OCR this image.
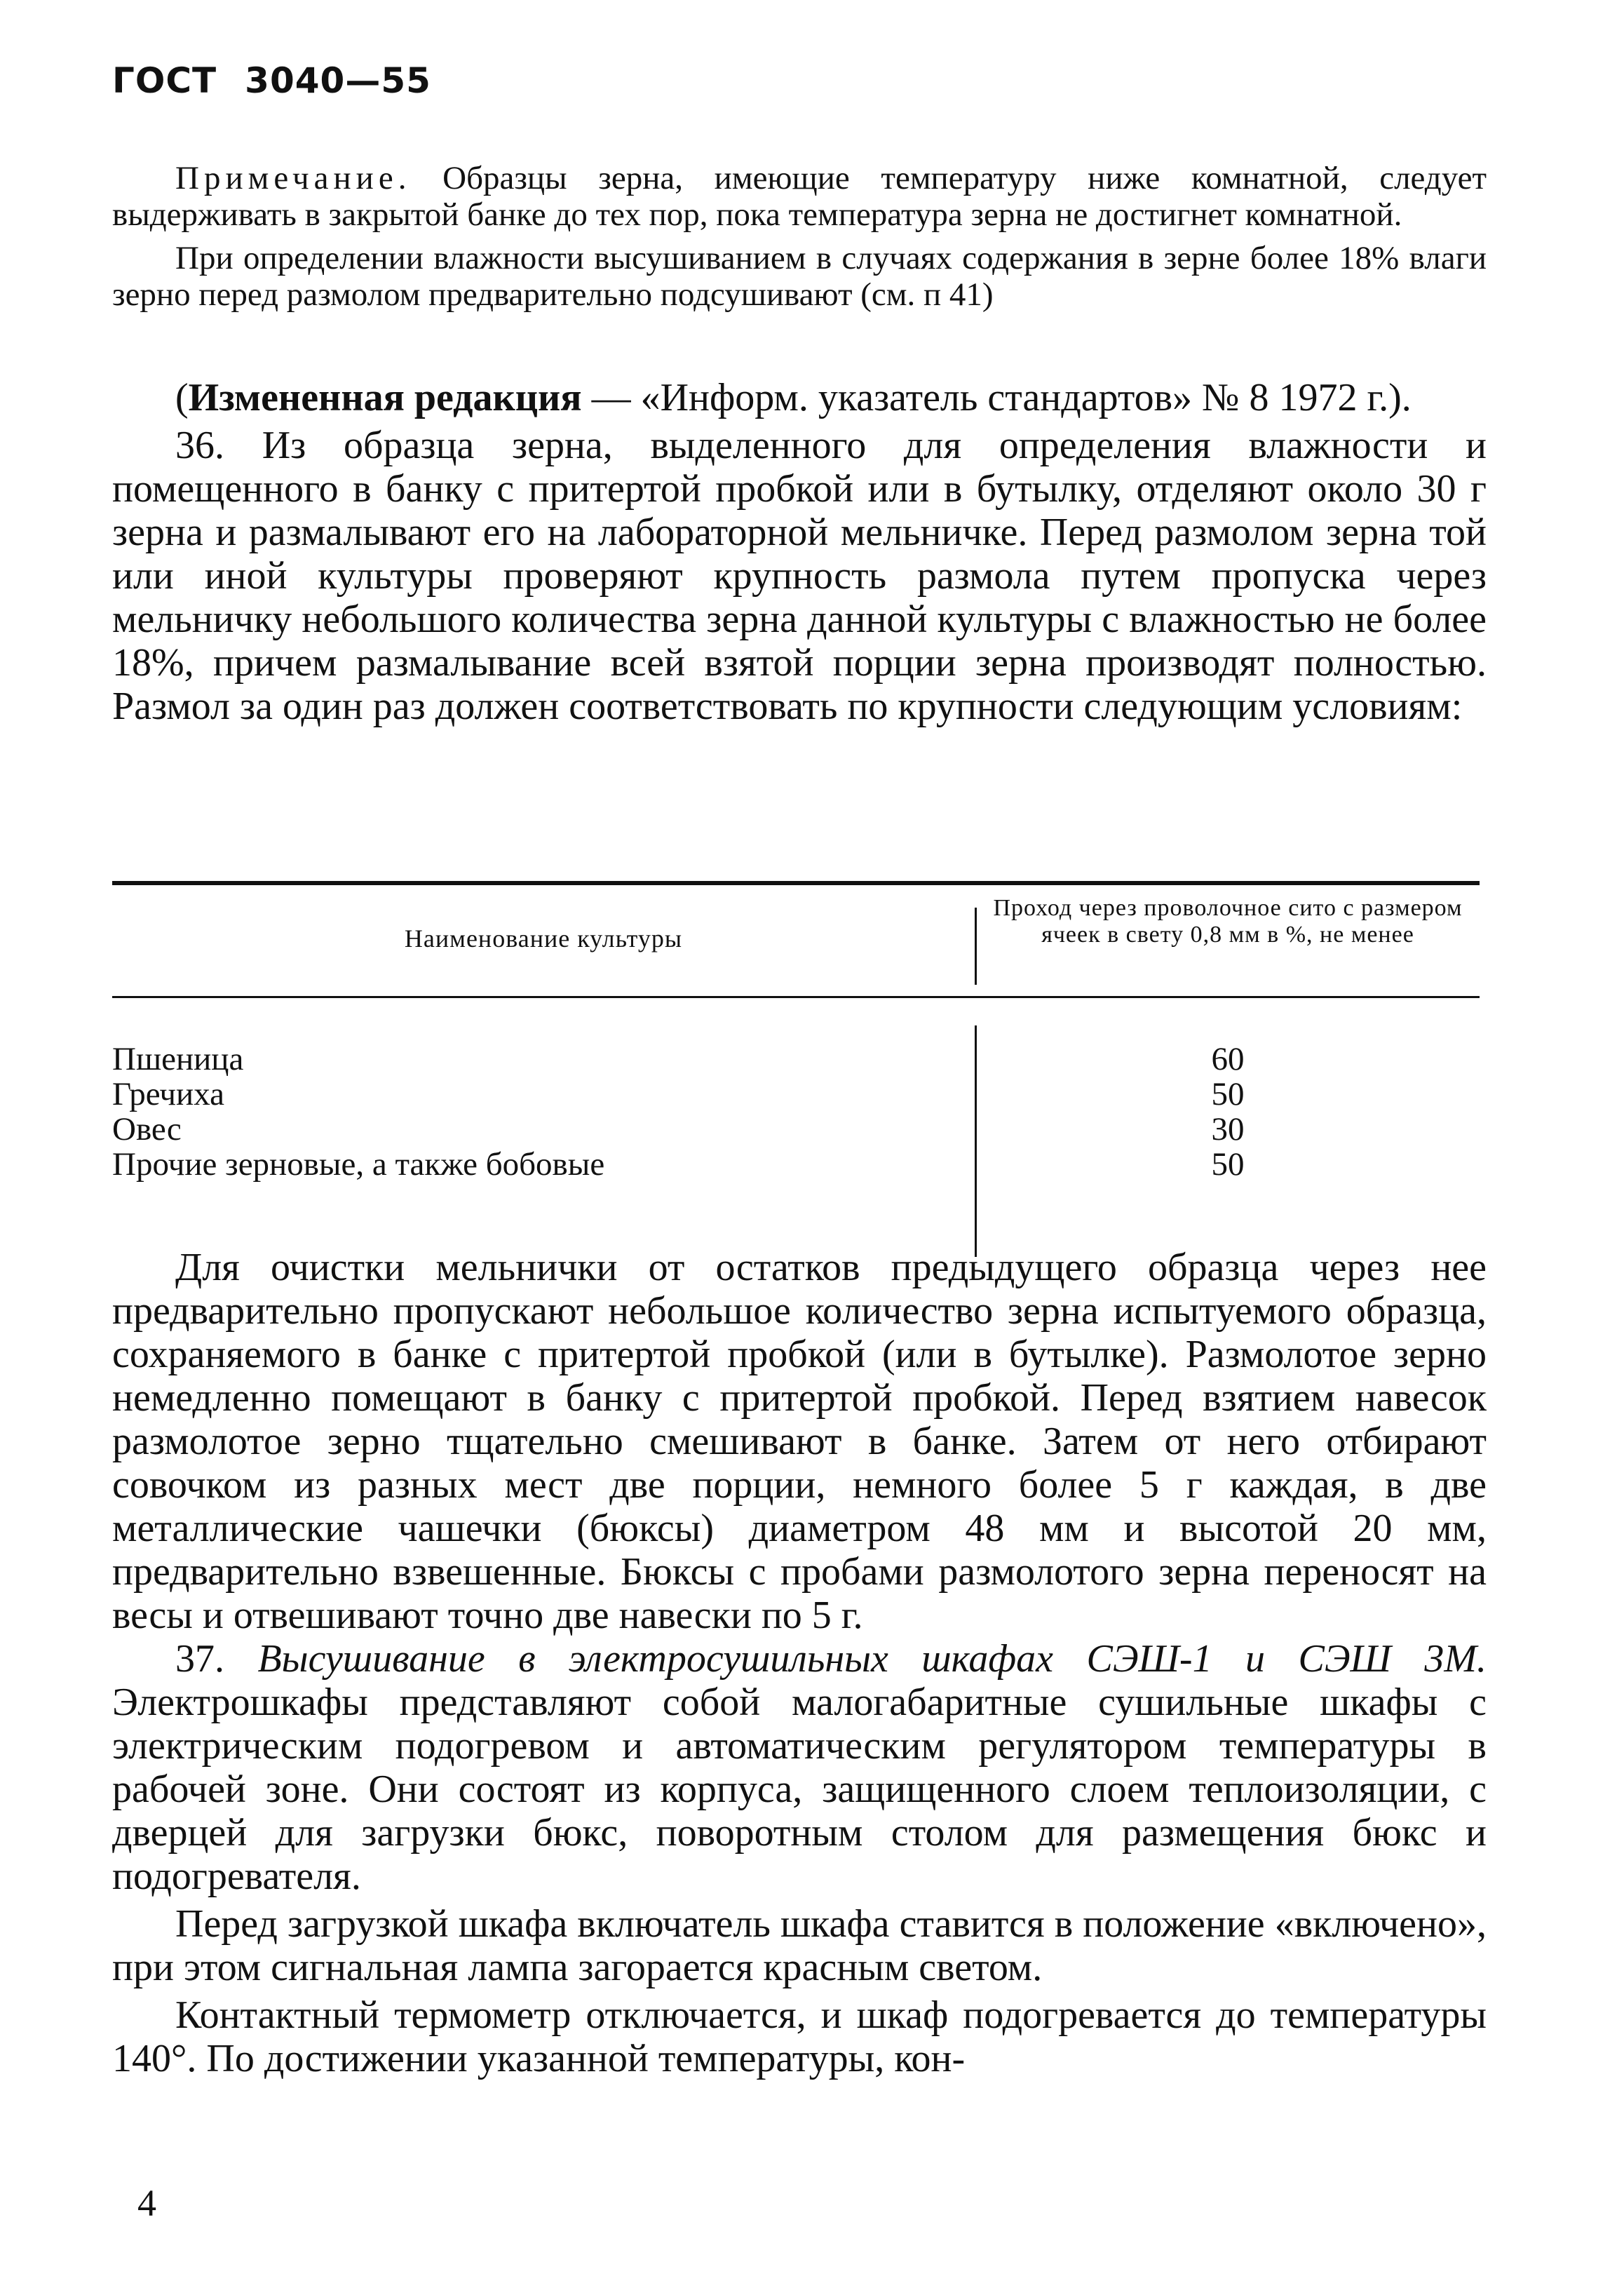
ГОСТ 3040—55

Примечание. Образцы зерна, имеющие температуру ниже комнатной, следует выдерживать в закрытой банке до тех пор, пока температура зерна не достигнет комнатной.

При определении влажности высушиванием в случаях содержания в зерне более 18% влаги зерно перед размолом предварительно подсушивают (см. п 41)

(Измененная редакция — «Информ. указатель стандартов» № 8 1972 г.).

36. Из образца зерна, выделенного для определения влажности и помещенного в банку с притертой пробкой или в бутылку, отделяют около 30 г зерна и размалывают его на лабораторной мельничке. Перед размолом зерна той или иной культуры проверяют крупность размола путем пропуска через мельничку небольшого количества зерна данной культуры с влажностью не более 18%, причем размалывание всей взятой порции зерна производят полностью. Размол за один раз должен соответствовать по крупности следующим условиям:

Наименование культуры
Проход через проволочное сито с размером ячеек в свету 0,8 мм в %, не менее
Пшеница	60
Гречиха	50
Овес	30
Прочие зерновые, а также бобовые	50

Для очистки мельнички от остатков предыдущего образца через нее предварительно пропускают небольшое количество зерна испытуемого образца, сохраняемого в банке с притертой пробкой (или в бутылке). Размолотое зерно немедленно помещают в банку с притертой пробкой. Перед взятием навесок размолотое зерно тщательно смешивают в банке. Затем от него отбирают совочком из разных мест две порции, немного более 5 г каждая, в две металлические чашечки (бюксы) диаметром 48 мм и высотой 20 мм, предварительно взвешенные. Бюксы с пробами размолотого зерна переносят на весы и отвешивают точно две навески по 5 г.

37. Высушивание в электросушильных шкафах СЭШ-1 и СЭШ 3М. Электрошкафы представляют собой малогабаритные сушильные шкафы с электрическим подогревом и автоматическим регулятором температуры в рабочей зоне. Они состоят из корпуса, защищенного слоем теплоизоляции, с дверцей для загрузки бюкс, поворотным столом для размещения бюкс и подогревателя.

Перед загрузкой шкафа включатель шкафа ставится в положение «включено», при этом сигнальная лампа загорается красным светом.

Контактный термометр отключается, и шкаф подогревается до температуры 140°. По достижении указанной температуры, кон-

4
